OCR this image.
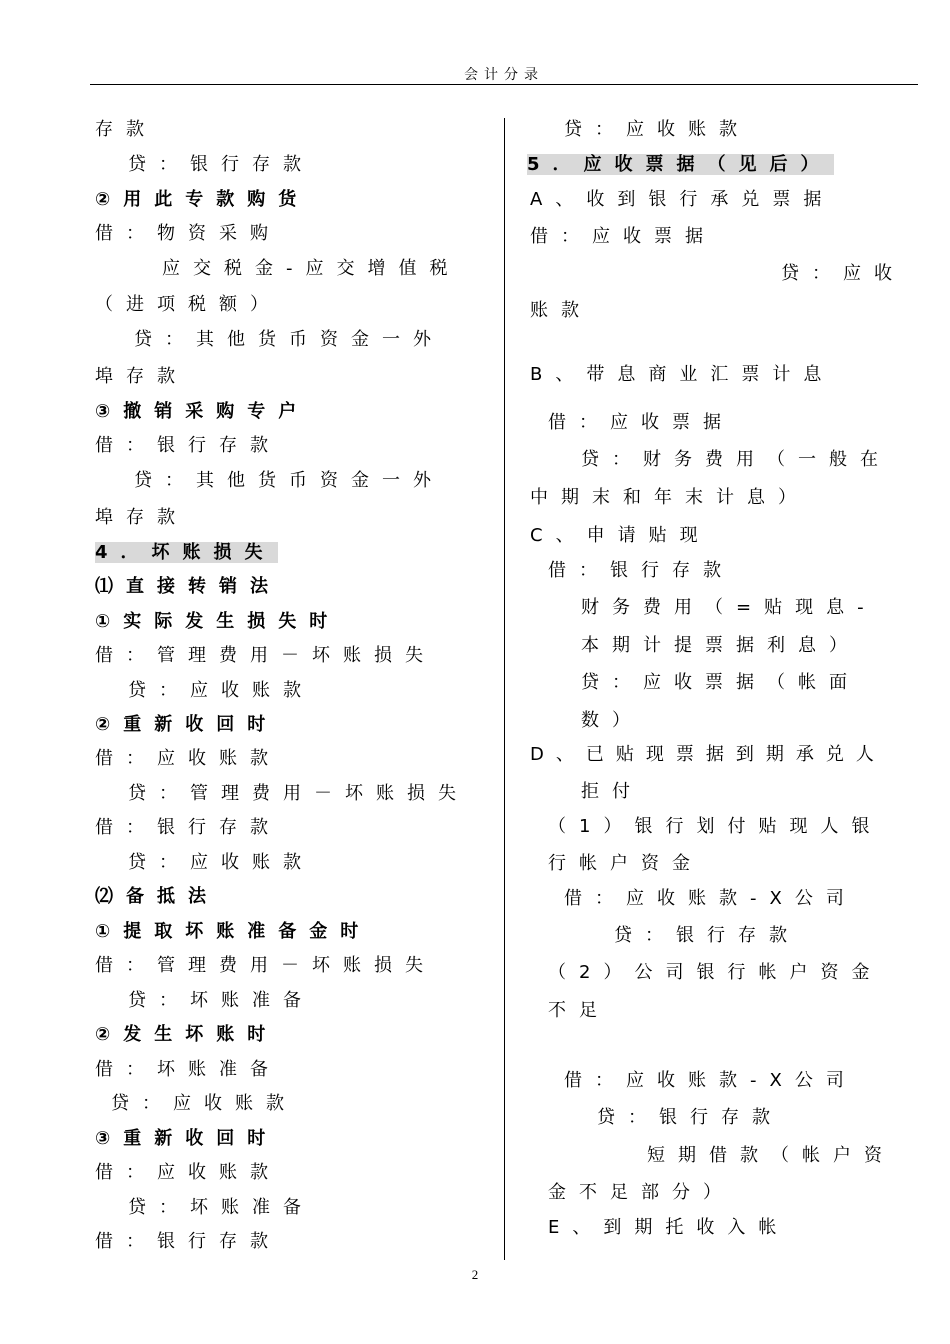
会计分录
存款
贷：银行存款
②用此专款购货
借：物资采购
应交税金-应交增值税
（进项税额）
贷：其他货币资金一外
埠存款
③撤销采购专户
借：银行存款
贷：其他货币资金一外
埠存款
4．坏账损失
⑴直接转销法
①实际发生损失时
借：管理费用－坏账损失
贷：应收账款
②重新收回时
借：应收账款
贷：管理费用－坏账损失
借：银行存款
贷：应收账款
⑵备抵法
①提取坏账准备金时
借：管理费用－坏账损失
贷：坏账准备
②发生坏账时
借：坏账准备
贷：应收账款
③重新收回时
借：应收账款
贷：坏账准备
借：银行存款
贷：应收账款
5．应收票据（见后）
A、收到银行承兑票据
借：应收票据
贷：应收
账款
B、带息商业汇票计息
借：应收票据
贷：财务费用（一般在
中期末和年末计息）
C、申请贴现
借：银行存款
财务费用（=贴现息-
本期计提票据利息）
贷：应收票据（帐面
数）
D、已贴现票据到期承兑人
拒付
（1）银行划付贴现人银
行帐户资金
借：应收账款-X公司
贷：银行存款
（2）公司银行帐户资金
不足
借：应收账款-X公司
贷：银行存款
短期借款（帐户资
金不足部分）
E、到期托收入帐
2
